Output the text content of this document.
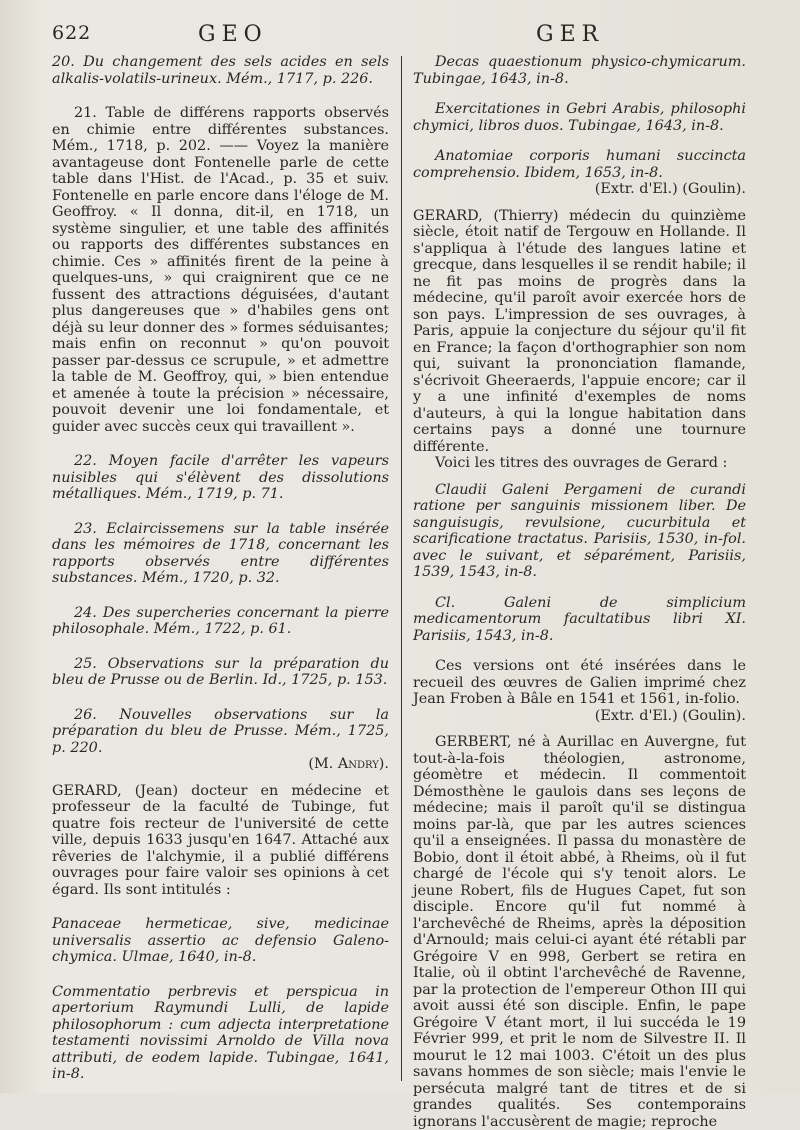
622	GEO	GER

20. Du changement des sels acides en sels alkalis-volatils-urineux. Mém., 1717, p. 226.

21. Table de différens rapports observés en chimie entre différentes substances. Mém., 1718, p. 202. —— Voyez la manière avantageuse dont Fontenelle parle de cette table dans l'Hist. de l'Acad., p. 35 et suiv. Fontenelle en parle encore dans l'éloge de M. Geoffroy. « Il donna, dit-il, en 1718, un système singulier, et une table des affinités ou rapports des différentes substances en chimie. Ces » affinités firent de la peine à quelques-uns, » qui craignirent que ce ne fussent des attractions déguisées, d'autant plus dangereuses que » d'habiles gens ont déjà su leur donner des » formes séduisantes; mais enfin on reconnut » qu'on pouvoit passer par-dessus ce scrupule, » et admettre la table de M. Geoffroy, qui, » bien entendue et amenée à toute la précision » nécessaire, pouvoit devenir une loi fondamentale, et guider avec succès ceux qui travaillent ».

22. Moyen facile d'arrêter les vapeurs nuisibles qui s'élèvent des dissolutions métalliques. Mém., 1719, p. 71.

23. Eclaircissemens sur la table insérée dans les mémoires de 1718, concernant les rapports observés entre différentes substances. Mém., 1720, p. 32.

24. Des supercheries concernant la pierre philosophale. Mém., 1722, p. 61.

25. Observations sur la préparation du bleu de Prusse ou de Berlin. Id., 1725, p. 153.

26. Nouvelles observations sur la préparation du bleu de Prusse. Mém., 1725, p. 220.

(M. Andry).

GERARD, (Jean) docteur en médecine et professeur de la faculté de Tubinge, fut quatre fois recteur de l'université de cette ville, depuis 1633 jusqu'en 1647. Attaché aux rêveries de l'alchymie, il a publié différens ouvrages pour faire valoir ses opinions à cet égard. Ils sont intitulés :

Panaceae hermeticae, sive, medicinae universalis assertio ac defensio Galeno-chymica. Ulmae, 1640, in-8.

Commentatio perbrevis et perspicua in apertorium Raymundi Lulli, de lapide philosophorum : cum adjecta interpretatione testamenti novissimi Arnoldo de Villa nova attributi, de eodem lapide. Tubingae, 1641, in-8.

Decas quaestionum physico-chymicarum. Tubingae, 1643, in-8.

Exercitationes in Gebri Arabis, philosophi chymici, libros duos. Tubingae, 1643, in-8.

Anatomiae corporis humani succincta comprehensio. Ibidem, 1653, in-8.

(Extr. d'El.) (Goulin).

GERARD, (Thierry) médecin du quinzième siècle, étoit natif de Tergouw en Hollande. Il s'appliqua à l'étude des langues latine et grecque, dans lesquelles il se rendit habile; il ne fit pas moins de progrès dans la médecine, qu'il paroît avoir exercée hors de son pays. L'impression de ses ouvrages, à Paris, appuie la conjecture du séjour qu'il fit en France; la façon d'orthographier son nom qui, suivant la prononciation flamande, s'écrivoit Gheeraerds, l'appuie encore; car il y a une infinité d'exemples de noms d'auteurs, à qui la longue habitation dans certains pays a donné une tournure différente.

Voici les titres des ouvrages de Gerard :

Claudii Galeni Pergameni de curandi ratione per sanguinis missionem liber. De sanguisugis, revulsione, cucurbitula et scarificatione tractatus. Parisiis, 1530, in-fol. avec le suivant, et séparément, Parisiis, 1539, 1543, in-8.

Cl. Galeni de simplicium medicamentorum facultatibus libri XI. Parisiis, 1543, in-8.

Ces versions ont été insérées dans le recueil des œuvres de Galien imprimé chez Jean Froben à Bâle en 1541 et 1561, in-folio.

(Extr. d'El.) (Goulin).

GERBERT, né à Aurillac en Auvergne, fut tout-à-la-fois théologien, astronome, géomètre et médecin. Il commentoit Démosthène le gaulois dans ses leçons de médecine; mais il paroît qu'il se distingua moins par-là, que par les autres sciences qu'il a enseignées. Il passa du monastère de Bobio, dont il étoit abbé, à Rheims, où il fut chargé de l'école qui s'y tenoit alors. Le jeune Robert, fils de Hugues Capet, fut son disciple. Encore qu'il fut nommé à l'archevêché de Rheims, après la déposition d'Arnould; mais celui-ci ayant été rétabli par Grégoire V en 998, Gerbert se retira en Italie, où il obtint l'archevêché de Ravenne, par la protection de l'empereur Othon III qui avoit aussi été son disciple. Enfin, le pape Grégoire V étant mort, il lui succéda le 19 Février 999, et prit le nom de Silvestre II. Il mourut le 12 mai 1003. C'étoit un des plus savans hommes de son siècle; mais l'envie le persécuta malgré tant de titres et de si grandes qualités. Ses contemporains ignorans l'accusèrent de magie; reproche
